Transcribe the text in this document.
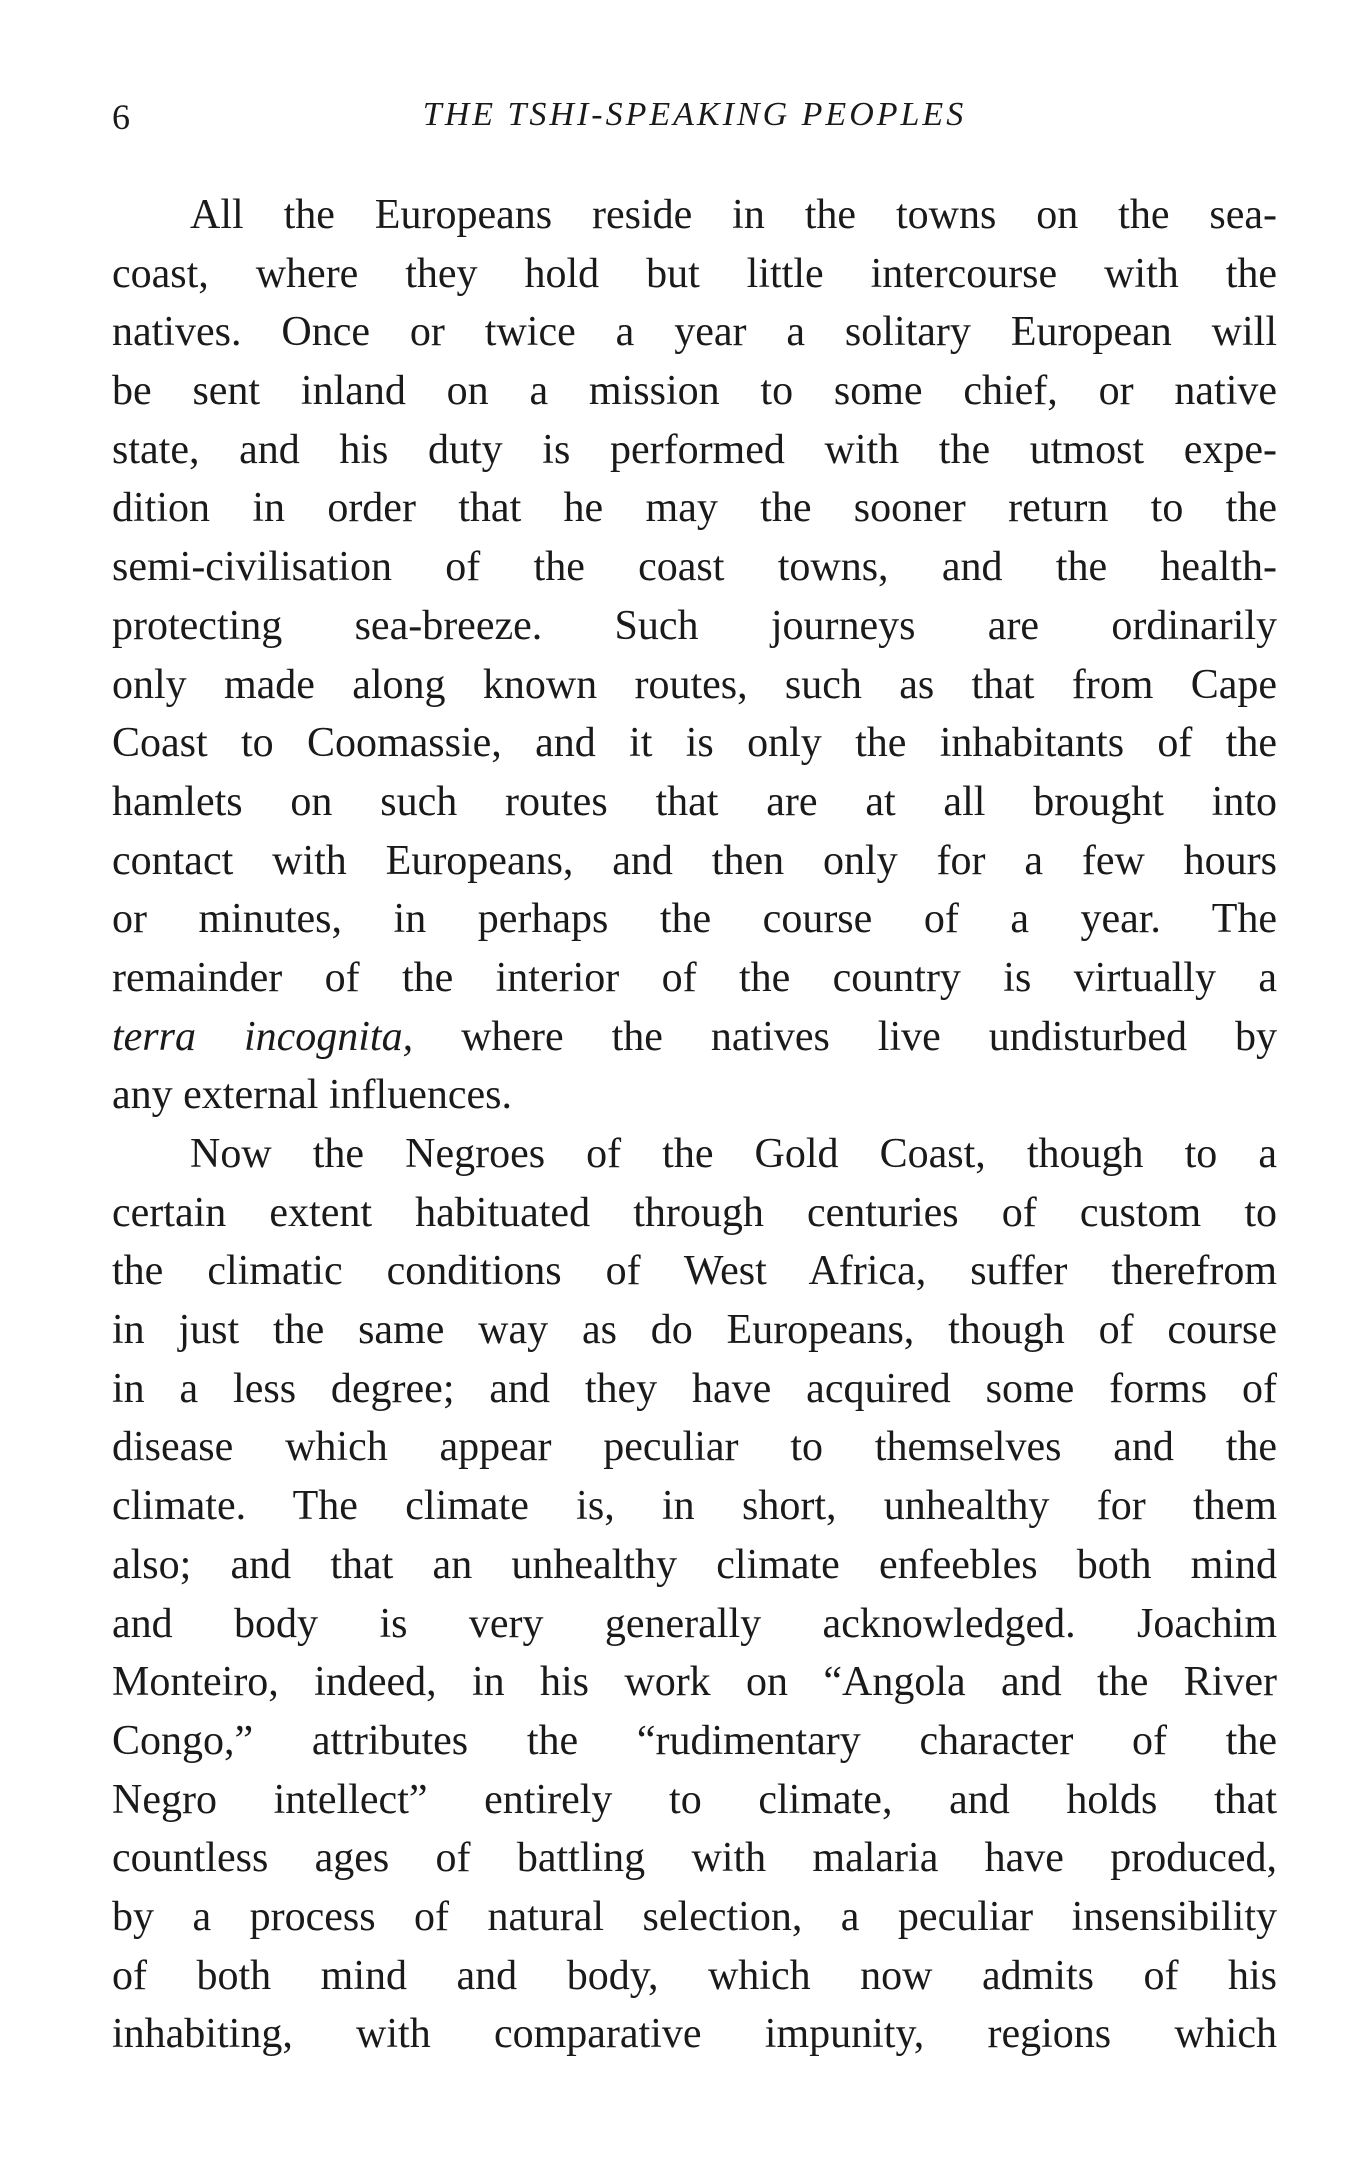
6	THE TSHI-SPEAKING PEOPLES
All the Europeans reside in the towns on the sea-
coast, where they hold but little intercourse with the
natives. Once or twice a year a solitary European will
be sent inland on a mission to some chief, or native
state, and his duty is performed with the utmost expe-
dition in order that he may the sooner return to the
semi-civilisation of the coast towns, and the health-
protecting sea-breeze. Such journeys are ordinarily
only made along known routes, such as that from Cape
Coast to Coomassie, and it is only the inhabitants of the
hamlets on such routes that are at all brought into
contact with Europeans, and then only for a few hours
or minutes, in perhaps the course of a year. The
remainder of the interior of the country is virtually a
terra incognita, where the natives live undisturbed by
any external influences.
Now the Negroes of the Gold Coast, though to a
certain extent habituated through centuries of custom to
the climatic conditions of West Africa, suffer therefrom
in just the same way as do Europeans, though of course
in a less degree; and they have acquired some forms of
disease which appear peculiar to themselves and the
climate. The climate is, in short, unhealthy for them
also; and that an unhealthy climate enfeebles both mind
and body is very generally acknowledged. Joachim
Monteiro, indeed, in his work on “Angola and the River
Congo,” attributes the “rudimentary character of the
Negro intellect” entirely to climate, and holds that
countless ages of battling with malaria have produced,
by a process of natural selection, a peculiar insensibility
of both mind and body, which now admits of his
inhabiting, with comparative impunity, regions which
